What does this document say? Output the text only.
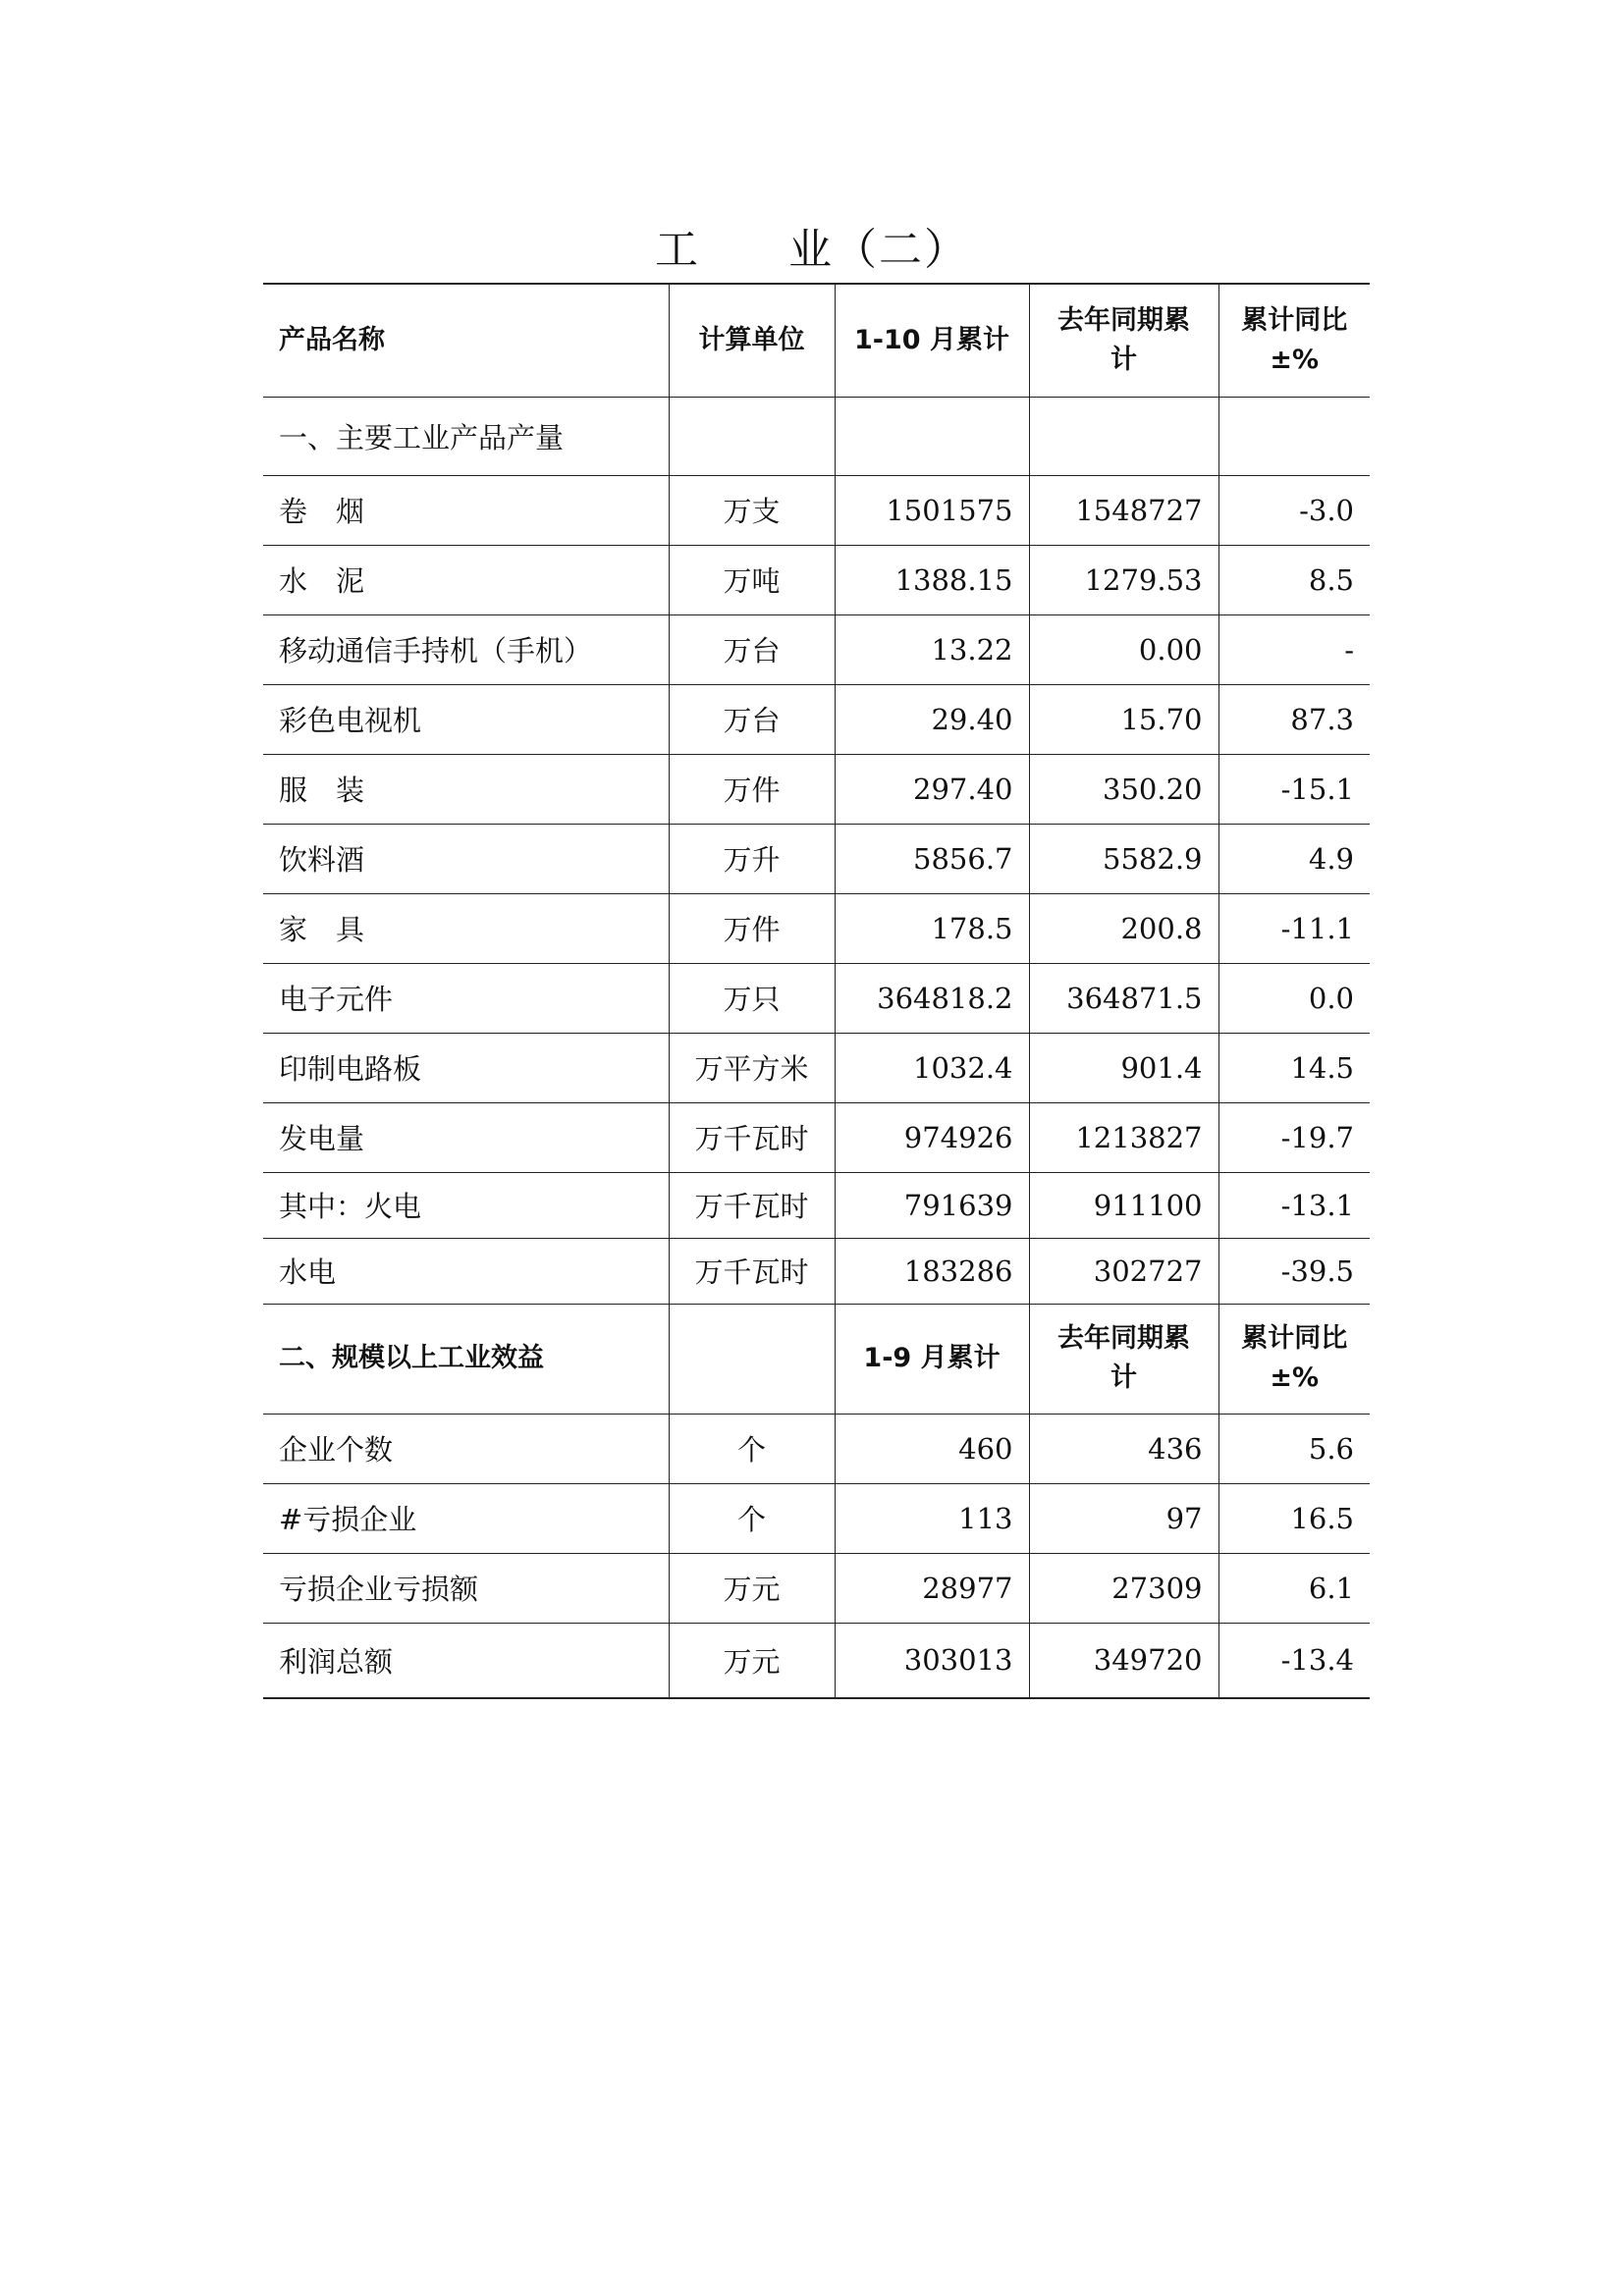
工 业（二）
产品名称	计算单位	1-10 月累计	去年同期累计	累计同比±%
一、主要工业产品产量				
卷　烟	万支	1501575	1548727	-3.0
水　泥	万吨	1388.15	1279.53	8.5
移动通信手持机（手机）	万台	13.22	0.00	-
彩色电视机	万台	29.40	15.70	87.3
服　装	万件	297.40	350.20	-15.1
饮料酒	万升	5856.7	5582.9	4.9
家　具	万件	178.5	200.8	-11.1
电子元件	万只	364818.2	364871.5	0.0
印制电路板	万平方米	1032.4	901.4	14.5
发电量	万千瓦时	974926	1213827	-19.7
其中：火电	万千瓦时	791639	911100	-13.1
水电	万千瓦时	183286	302727	-39.5
二、规模以上工业效益		1-9 月累计	去年同期累计	累计同比±%
企业个数	个	460	436	5.6
#亏损企业	个	113	97	16.5
亏损企业亏损额	万元	28977	27309	6.1
利润总额	万元	303013	349720	-13.4
